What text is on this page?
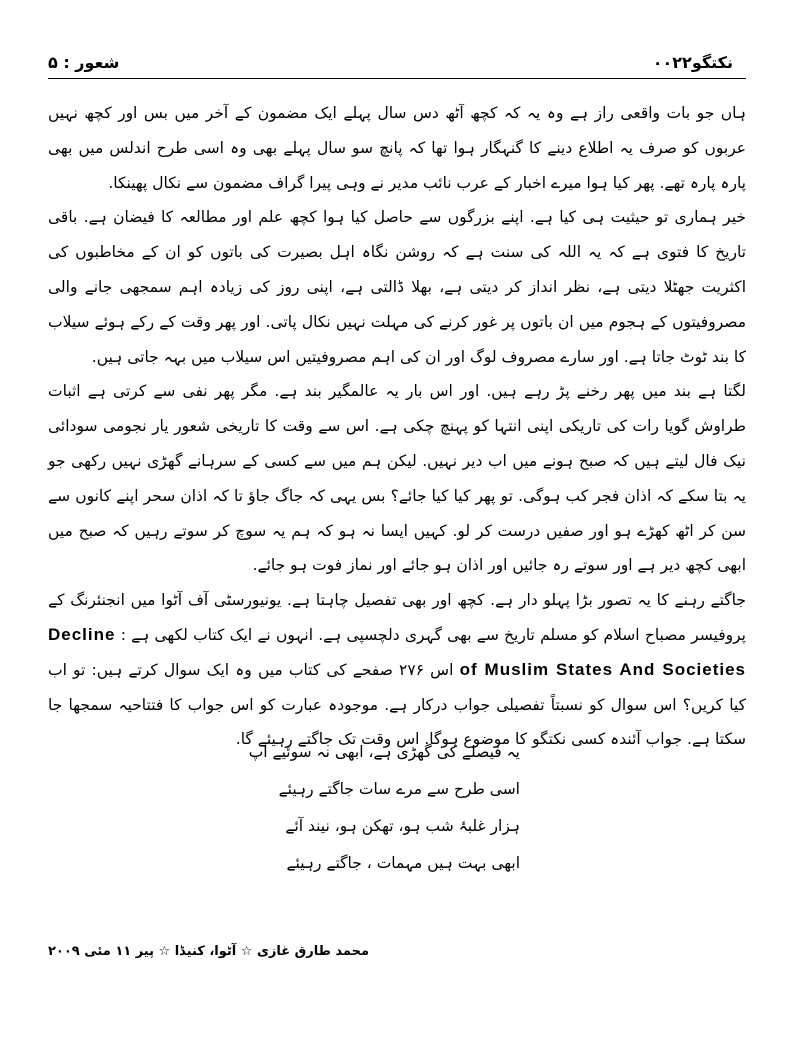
شعور : ۵	نکتگو۰۰۲۲

ہاں جو بات واقعی راز ہے وہ یہ کہ کچھ آٹھ دس سال پہلے ایک مضمون کے آخر میں بس اور کچھ نہیں عربوں کو صرف یہ اطلاع دینے کا گنہگار ہوا تھا کہ پانچ سو سال پہلے بھی وہ اسی طرح اندلس میں بھی پارہ پارہ تھے. پھر کیا ہوا میرے اخبار کے عرب نائب مدیر نے وہی پیرا گراف مضمون سے نکال پھینکا.

خیر ہماری تو حیثیت ہی کیا ہے. اپنے بزرگوں سے حاصل کیا ہوا کچھ علم اور مطالعہ کا فیضان ہے. باقی تاریخ کا فتوی ہے کہ یہ اللہ کی سنت ہے کہ روشن نگاہ اہل بصیرت کی باتوں کو ان کے مخاطبوں کی اکثریت جھٹلا دیتی ہے، نظر انداز کر دیتی ہے، بھلا ڈالتی ہے، اپنی روز کی زیادہ اہم سمجھی جانے والی مصروفیتوں کے ہجوم میں ان باتوں پر غور کرنے کی مہلت نہیں نکال پاتی. اور پھر وقت کے رکے ہوئے سیلاب کا بند ٹوٹ جاتا ہے. اور سارے مصروف لوگ اور ان کی اہم مصروفیتیں اس سیلاب میں بہہ جاتی ہیں.

لگتا ہے بند میں پھر رخنے پڑ رہے ہیں. اور اس بار یہ عالمگیر بند ہے. مگر پھر نفی سے کرتی ہے اثبات طراوش گویا رات کی تاریکی اپنی انتہا کو پہنچ چکی ہے. اس سے وقت کا تاریخی شعور یار نجومی سودائی نیک فال لیتے ہیں کہ صبح ہونے میں اب دیر نہیں. لیکن ہم میں سے کسی کے سرہانے گھڑی نہیں رکھی جو یہ بتا سکے کہ اذان فجر کب ہوگی. تو پھر کیا کیا جائے؟ بس یہی کہ جاگ جاؤ تا کہ اذان سحر اپنے کانوں سے سن کر اٹھ کھڑے ہو اور صفیں درست کر لو. کہیں ایسا نہ ہو کہ ہم یہ سوچ کر سوتے رہیں کہ صبح میں ابھی کچھ دیر ہے اور سوتے رہ جائیں اور اذان ہو جائے اور نماز فوت ہو جائے.

جاگتے رہنے کا یہ تصور بڑا پہلو دار ہے. کچھ اور بھی تفصیل چاہتا ہے. یونیورسٹی آف آٹوا میں انجنئرنگ کے پروفیسر مصباح اسلام کو مسلم تاریخ سے بھی گہری دلچسپی ہے. انہوں نے ایک کتاب لکھی ہے : Decline of Muslim States And Societies اس ۲۷۶ صفحے کی کتاب میں وہ ایک سوال کرتے ہیں: تو اب کیا کریں؟ اس سوال کو نسبتاً تفصیلی جواب درکار ہے. موجودہ عبارت کو اس جواب کا فتتاحیہ سمجھا جا سکتا ہے. جواب آئندہ کسی نکتگو کا موضوع ہوگا. اس وقت تک جاگتے رہیئے گا.

یہ فیصلے کی گھڑی ہے، ابھی نہ سوئیے آپ
اسی طرح سے مرے سات جاگتے رہیئے
ہزار غلبۂ شب ہو، تھکن ہو، نیند آئے
ابھی بہت ہیں مہمات ، جاگتے رہیئے
محمد طارق غازی ☆ آٹوا، کنیڈا ☆ پیر ۱۱ مئی ۲۰۰۹
